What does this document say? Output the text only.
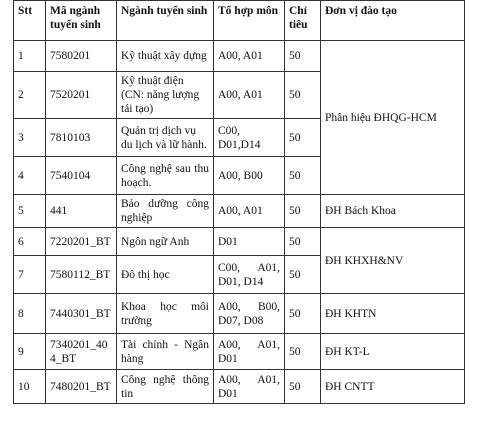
Stt	Mã ngành tuyển sinh	Ngành tuyển sinh	Tổ hợp môn	Chỉ tiêu	Đơn vị đào tạo
1	7580201	Kỹ thuật xây dựng	A00, A01	50	Phân hiệu ĐHQG-HCM
2	7520201	Kỹ thuật điện (CN: năng lượng tái tạo)	A00, A01	50	
3	7810103	Quản trị dịch vụ du lịch và lữ hành.	C00, D01,D14	50	
4	7540104	Công nghệ sau thu hoạch.	A00, B00	50	
5	441	Bảo dưỡng công nghiệp	A00, A01	50	ĐH Bách Khoa
6	7220201_BT	Ngôn ngữ Anh	D01	50	ĐH KHXH&NV
7	7580112_BT	Đô thị học	C00, A01, D01, D14	50	
8	7440301_BT	Khoa học môi trường	A00, B00, D07, D08	50	ĐH KHTN
9	7340201_40 4_BT	Tài chính - Ngân hàng	A00, A01, D01	50	ĐH KT-L
10	7480201_BT	Công nghệ thông tin	A00, A01, D01	50	ĐH CNTT
